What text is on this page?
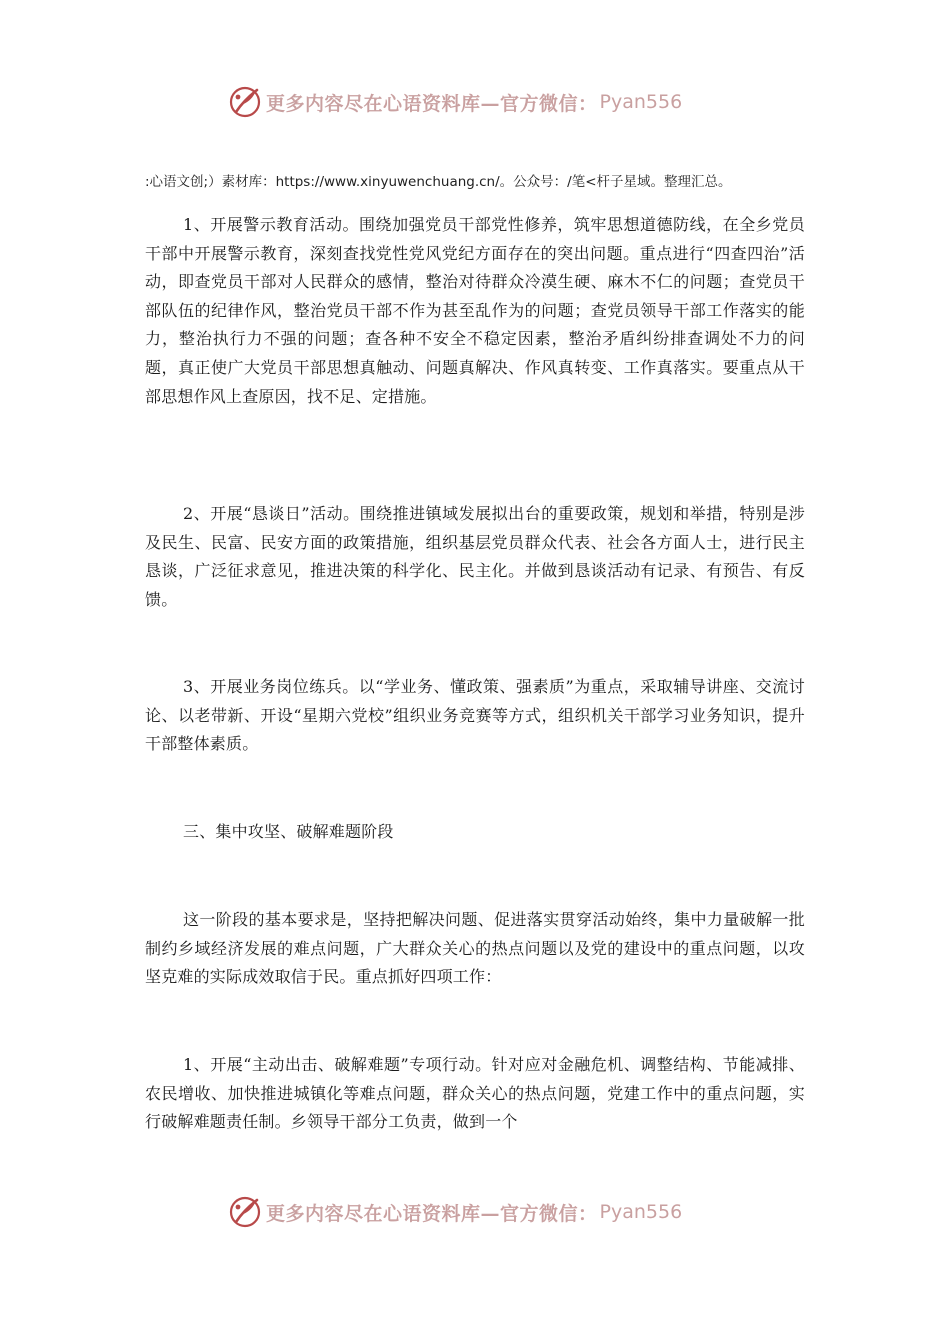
更多内容尽在心语资料库—官方微信： Pyan556
:心语文创;）素材库：https://www.xinyuwenchuang.cn/。公众号：/笔<杆子星域。整理汇总。

1、开展警示教育活动。围绕加强党员干部党性修养，筑牢思想道德防线，在全乡党员干部中开展警示教育，深刻查找党性党风党纪方面存在的突出问题。重点进行“四查四治”活动，即查党员干部对人民群众的感情，整治对待群众冷漠生硬、麻木不仁的问题；查党员干部队伍的纪律作风，整治党员干部不作为甚至乱作为的问题；查党员领导干部工作落实的能力，整治执行力不强的问题；查各种不安全不稳定因素，整治矛盾纠纷排查调处不力的问题，真正使广大党员干部思想真触动、问题真解决、作风真转变、工作真落实。要重点从干部思想作风上查原因，找不足、定措施。

2、开展“恳谈日”活动。围绕推进镇域发展拟出台的重要政策，规划和举措，特别是涉及民生、民富、民安方面的政策措施，组织基层党员群众代表、社会各方面人士，进行民主恳谈，广泛征求意见，推进决策的科学化、民主化。并做到恳谈活动有记录、有预告、有反馈。

3、开展业务岗位练兵。以“学业务、懂政策、强素质”为重点，采取辅导讲座、交流讨论、以老带新、开设“星期六党校”组织业务竞赛等方式，组织机关干部学习业务知识，提升干部整体素质。

三、集中攻坚、破解难题阶段

这一阶段的基本要求是，坚持把解决问题、促进落实贯穿活动始终，集中力量破解一批制约乡域经济发展的难点问题，广大群众关心的热点问题以及党的建设中的重点问题，以攻坚克难的实际成效取信于民。重点抓好四项工作：

1、开展“主动出击、破解难题”专项行动。针对应对金融危机、调整结构、节能减排、农民增收、加快推进城镇化等难点问题，群众关心的热点问题，党建工作中的重点问题，实行破解难题责任制。乡领导干部分工负责，做到一个

更多内容尽在心语资料库—官方微信： Pyan556
